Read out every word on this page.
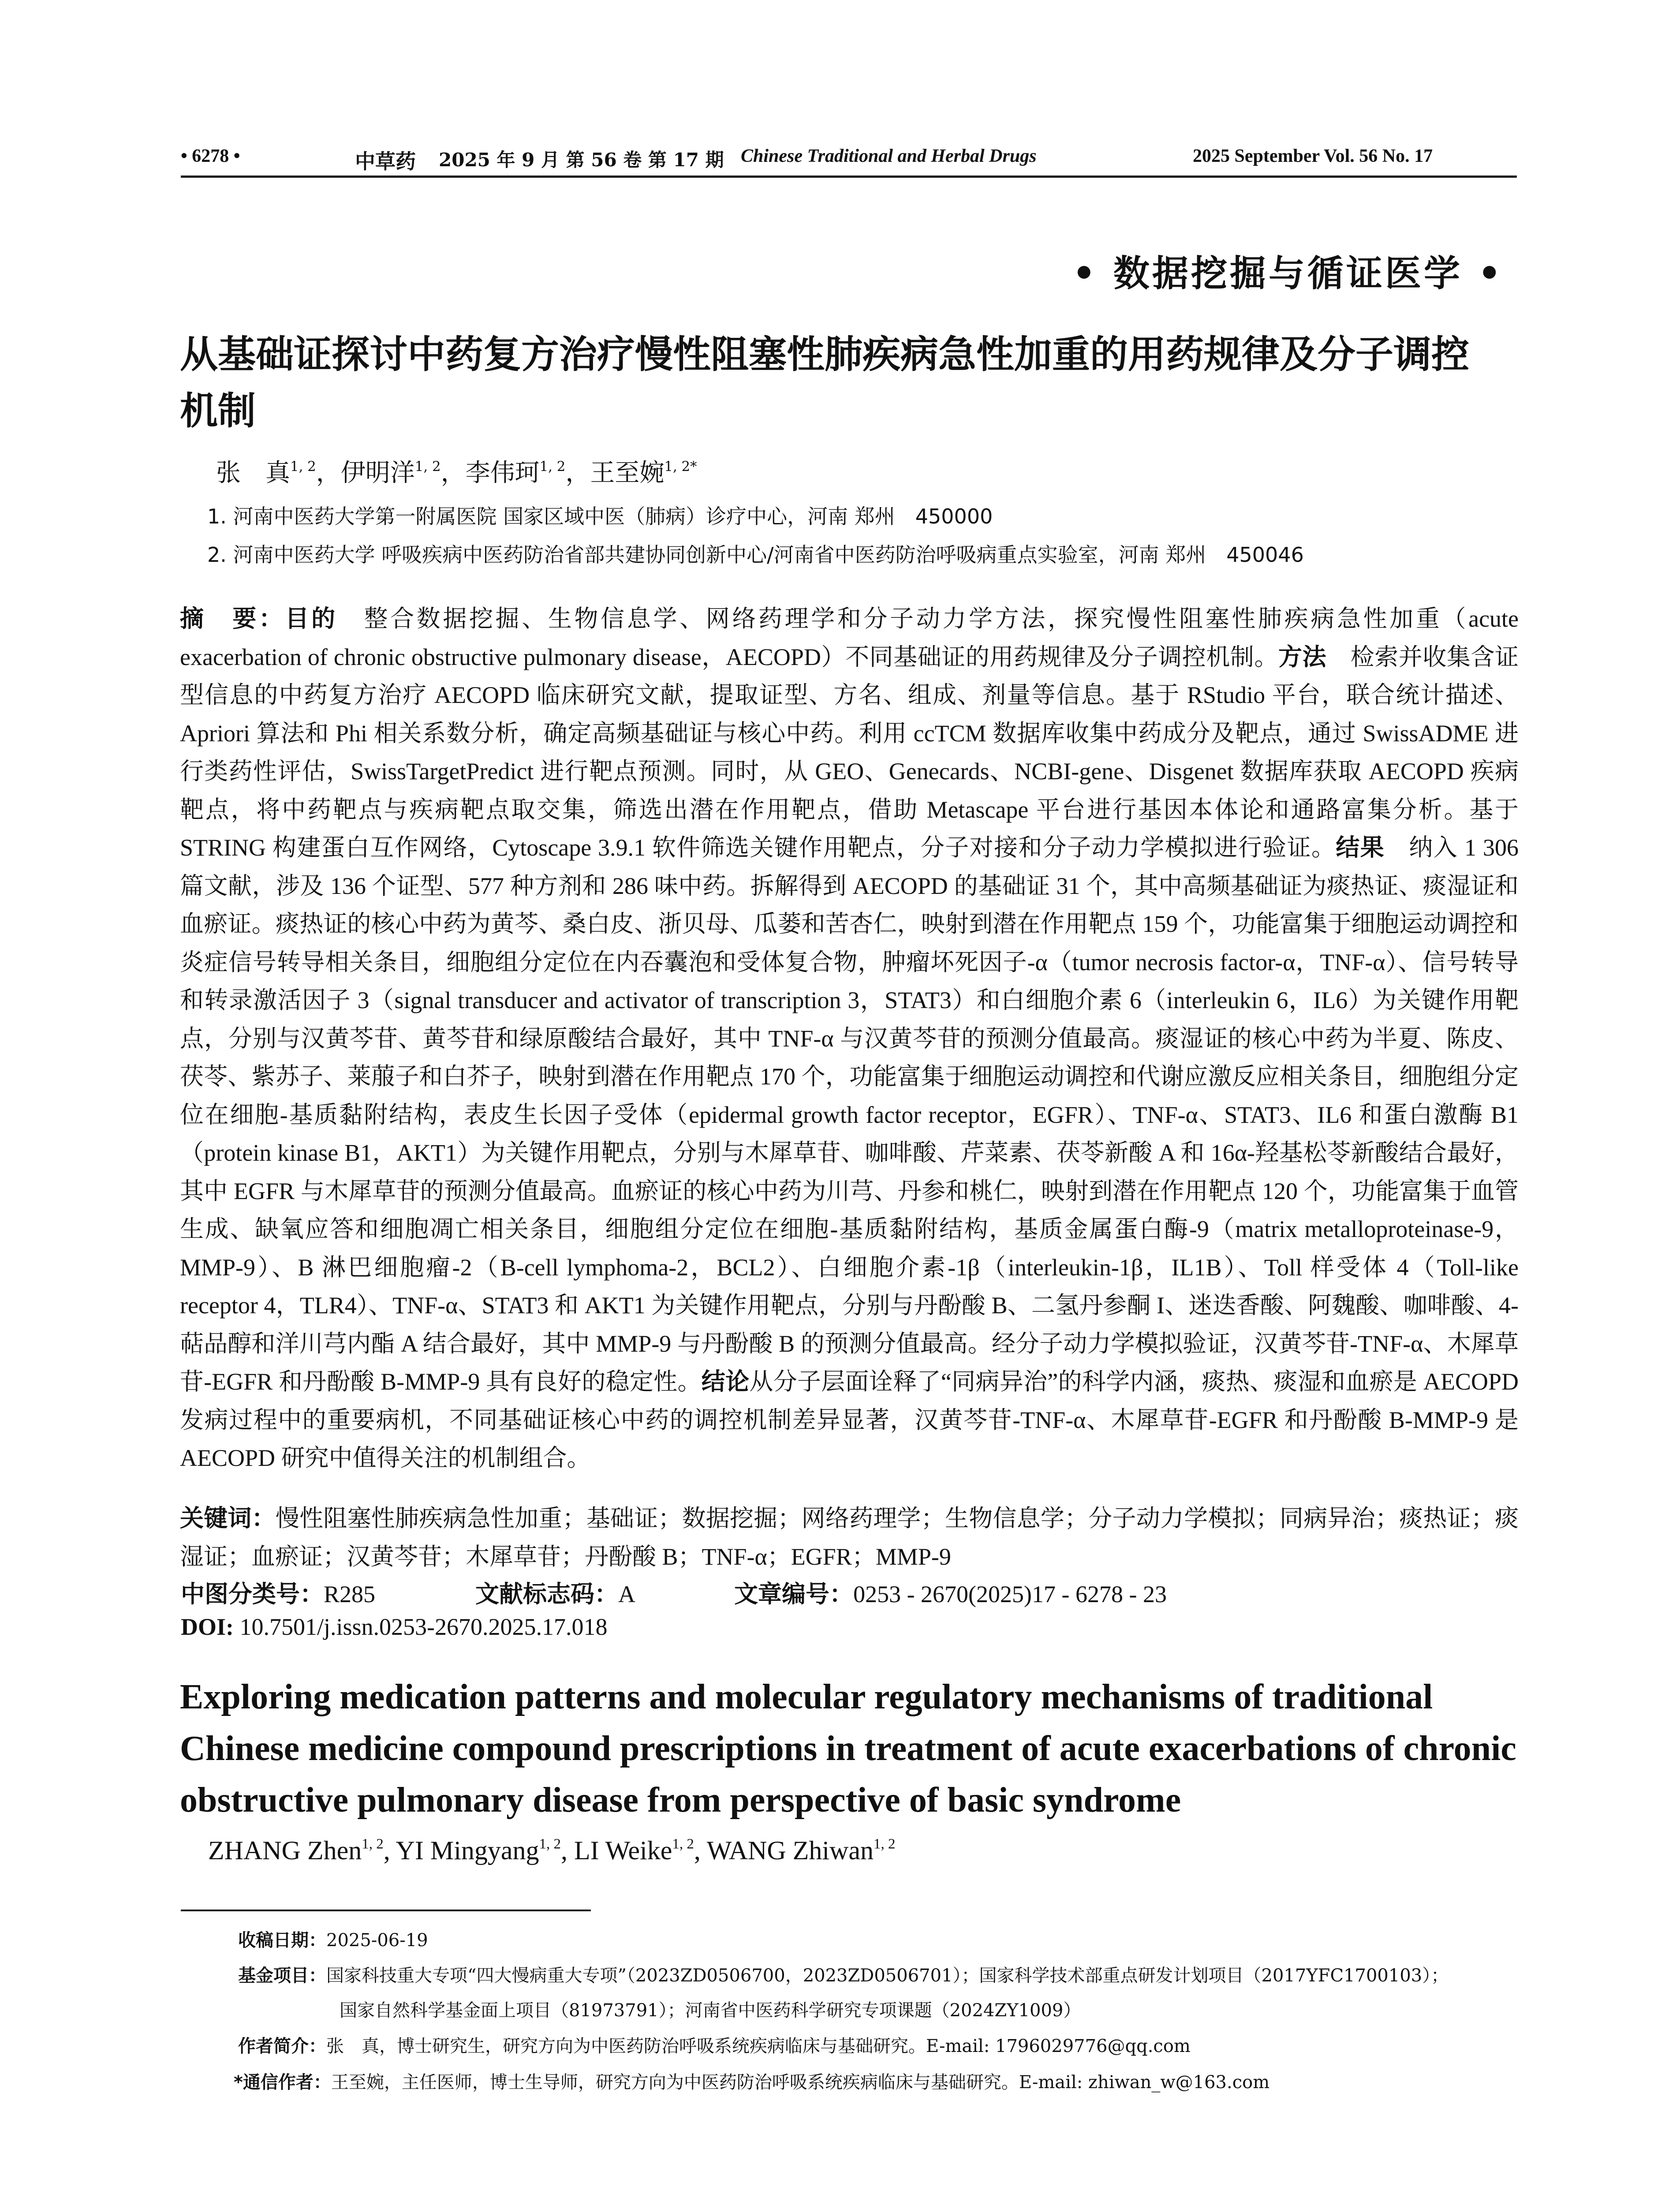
• 6278 •	中草药 2025 年 9 月 第 56 卷 第 17 期 Chinese Traditional and Herbal Drugs	2025 September Vol. 56 No. 17
• 数据挖掘与循证医学 •
从基础证探讨中药复方治疗慢性阻塞性肺疾病急性加重的用药规律及分子调控机制
张　真$^{1, 2}$，伊明洋$^{1, 2}$，李伟珂$^{1, 2}$，王至婉$^{1, 2*}$
1. 河南中医药大学第一附属医院 国家区域中医（肺病）诊疗中心，河南 郑州　450000
2. 河南中医药大学 呼吸疾病中医药防治省部共建协同创新中心/河南省中医药防治呼吸病重点实验室，河南 郑州　450046
摘　要：目的　整合数据挖掘、生物信息学、网络药理学和分子动力学方法，探究慢性阻塞性肺疾病急性加重（acute exacerbation of chronic obstructive pulmonary disease，AECOPD）不同基础证的用药规律及分子调控机制。方法　检索并收集含证型信息的中药复方治疗 AECOPD 临床研究文献，提取证型、方名、组成、剂量等信息。基于 RStudio 平台，联合统计描述、Apriori 算法和 Phi 相关系数分析，确定高频基础证与核心中药。利用 ccTCM 数据库收集中药成分及靶点，通过 SwissADME 进行类药性评估，SwissTargetPredict 进行靶点预测。同时，从 GEO、Genecards、NCBI-gene、Disgenet 数据库获取 AECOPD 疾病靶点，将中药靶点与疾病靶点取交集，筛选出潜在作用靶点，借助 Metascape 平台进行基因本体论和通路富集分析。基于 STRING 构建蛋白互作网络，Cytoscape 3.9.1 软件筛选关键作用靶点，分子对接和分子动力学模拟进行验证。结果　纳入 1 306 篇文献，涉及 136 个证型、577 种方剂和 286 味中药。拆解得到 AECOPD 的基础证 31 个，其中高频基础证为痰热证、痰湿证和血瘀证。痰热证的核心中药为黄芩、桑白皮、浙贝母、瓜蒌和苦杏仁，映射到潜在作用靶点 159 个，功能富集于细胞运动调控和炎症信号转导相关条目，细胞组分定位在内吞囊泡和受体复合物，肿瘤坏死因子-α（tumor necrosis factor-α，TNF-α）、信号转导和转录激活因子 3（signal transducer and activator of transcription 3，STAT3）和白细胞介素 6（interleukin 6，IL6）为关键作用靶点，分别与汉黄芩苷、黄芩苷和绿原酸结合最好，其中 TNF-α 与汉黄芩苷的预测分值最高。痰湿证的核心中药为半夏、陈皮、茯苓、紫苏子、莱菔子和白芥子，映射到潜在作用靶点 170 个，功能富集于细胞运动调控和代谢应激反应相关条目，细胞组分定位在细胞-基质黏附结构，表皮生长因子受体（epidermal growth factor receptor，EGFR）、TNF-α、STAT3、IL6 和蛋白激酶 B1（protein kinase B1，AKT1）为关键作用靶点，分别与木犀草苷、咖啡酸、芹菜素、茯苓新酸 A 和 16α-羟基松苓新酸结合最好，其中 EGFR 与木犀草苷的预测分值最高。血瘀证的核心中药为川芎、丹参和桃仁，映射到潜在作用靶点 120 个，功能富集于血管生成、缺氧应答和细胞凋亡相关条目，细胞组分定位在细胞-基质黏附结构，基质金属蛋白酶-9（matrix metalloproteinase-9，MMP-9）、B 淋巴细胞瘤-2（B-cell lymphoma-2，BCL2）、白细胞介素-1β（interleukin-1β，IL1B）、Toll 样受体 4（Toll-like receptor 4，TLR4）、TNF-α、STAT3 和 AKT1 为关键作用靶点，分别与丹酚酸 B、二氢丹参酮 I、迷迭香酸、阿魏酸、咖啡酸、4-萜品醇和洋川芎内酯 A 结合最好，其中 MMP-9 与丹酚酸 B 的预测分值最高。经分子动力学模拟验证，汉黄芩苷-TNF-α、木犀草苷-EGFR 和丹酚酸 B-MMP-9 具有良好的稳定性。结论从分子层面诠释了“同病异治”的科学内涵，痰热、痰湿和血瘀是 AECOPD 发病过程中的重要病机，不同基础证核心中药的调控机制差异显著，汉黄芩苷-TNF-α、木犀草苷-EGFR 和丹酚酸 B-MMP-9 是 AECOPD 研究中值得关注的机制组合。
关键词：慢性阻塞性肺疾病急性加重；基础证；数据挖掘；网络药理学；生物信息学；分子动力学模拟；同病异治；痰热证；痰湿证；血瘀证；汉黄芩苷；木犀草苷；丹酚酸 B；TNF-α；EGFR；MMP-9
中图分类号：R285	文献标志码：A	文章编号：0253 - 2670(2025)17 - 6278 - 23
DOI: 10.7501/j.issn.0253-2670.2025.17.018
Exploring medication patterns and molecular regulatory mechanisms of traditional Chinese medicine compound prescriptions in treatment of acute exacerbations of chronic obstructive pulmonary disease from perspective of basic syndrome
ZHANG Zhen$^{1, 2}$, YI Mingyang$^{1, 2}$, LI Weike$^{1, 2}$, WANG Zhiwan$^{1, 2}$
收稿日期：2025-06-19
基金项目：国家科技重大专项“四大慢病重大专项”（2023ZD0506700，2023ZD0506701）；国家科学技术部重点研发计划项目（2017YFC1700103）；
国家自然科学基金面上项目（81973791）；河南省中医药科学研究专项课题（2024ZY1009）
作者简介：张　真，博士研究生，研究方向为中医药防治呼吸系统疾病临床与基础研究。E-mail: 1796029776@qq.com
*通信作者：王至婉，主任医师，博士生导师，研究方向为中医药防治呼吸系统疾病临床与基础研究。E-mail: zhiwan_w@163.com
